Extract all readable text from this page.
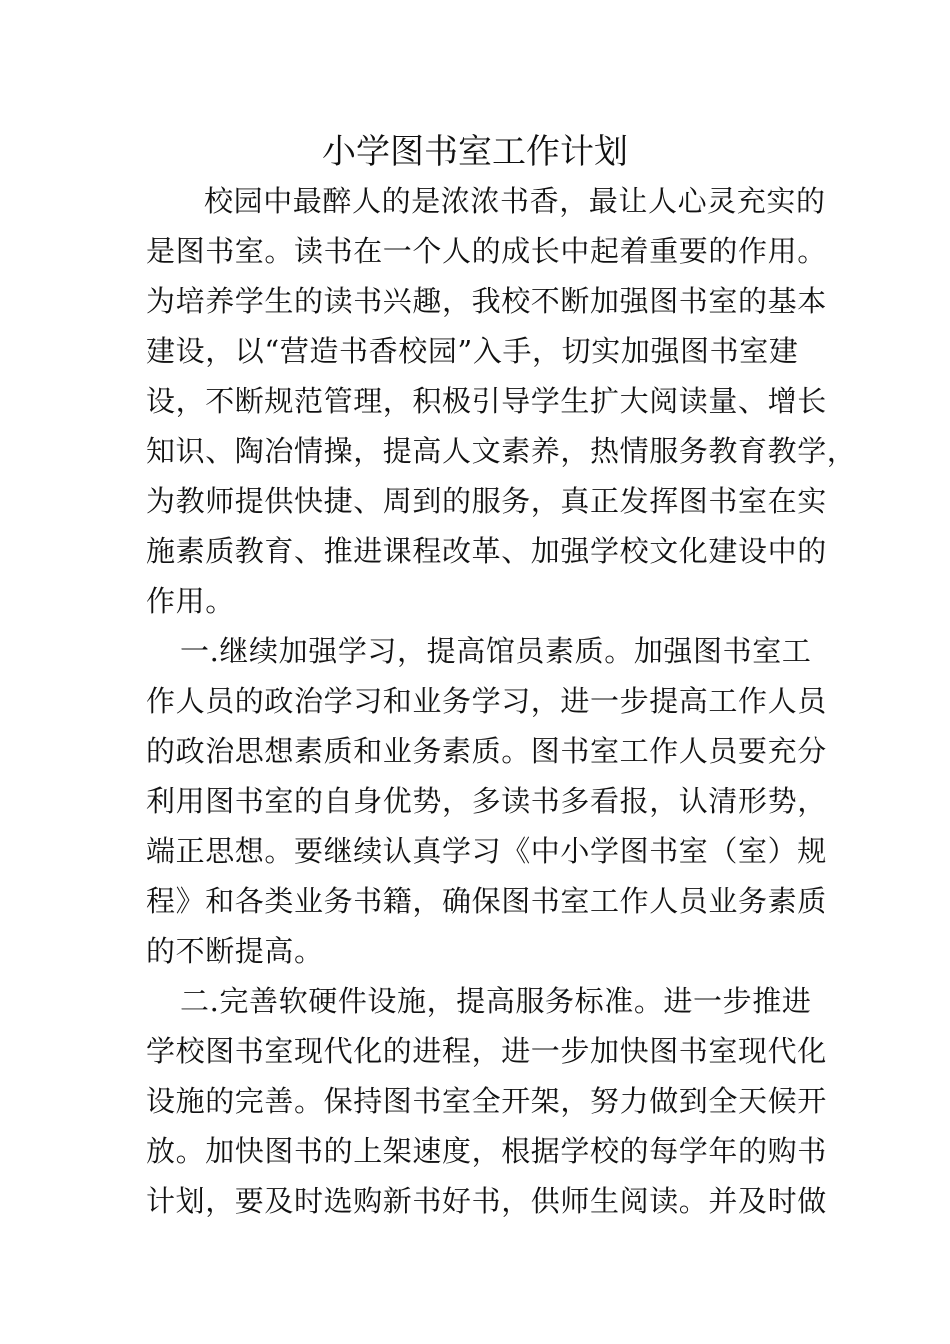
小学图书室工作计划
校园中最醉人的是浓浓书香，最让人心灵充实的
是图书室。读书在一个人的成长中起着重要的作用。
为培养学生的读书兴趣，我校不断加强图书室的基本
建设，以“营造书香校园”入手，切实加强图书室建
设，不断规范管理，积极引导学生扩大阅读量、增长
知识、陶冶情操，提高人文素养，热情服务教育教学，
为教师提供快捷、周到的服务，真正发挥图书室在实
施素质教育、推进课程改革、加强学校文化建设中的
作用。
一.继续加强学习，提高馆员素质。加强图书室工
作人员的政治学习和业务学习，进一步提高工作人员
的政治思想素质和业务素质。图书室工作人员要充分
利用图书室的自身优势，多读书多看报，认清形势，
端正思想。要继续认真学习《中小学图书室（室）规
程》和各类业务书籍，确保图书室工作人员业务素质
的不断提高。
二.完善软硬件设施，提高服务标准。进一步推进
学校图书室现代化的进程，进一步加快图书室现代化
设施的完善。保持图书室全开架，努力做到全天候开
放。加快图书的上架速度，根据学校的每学年的购书
计划，要及时选购新书好书，供师生阅读。并及时做
